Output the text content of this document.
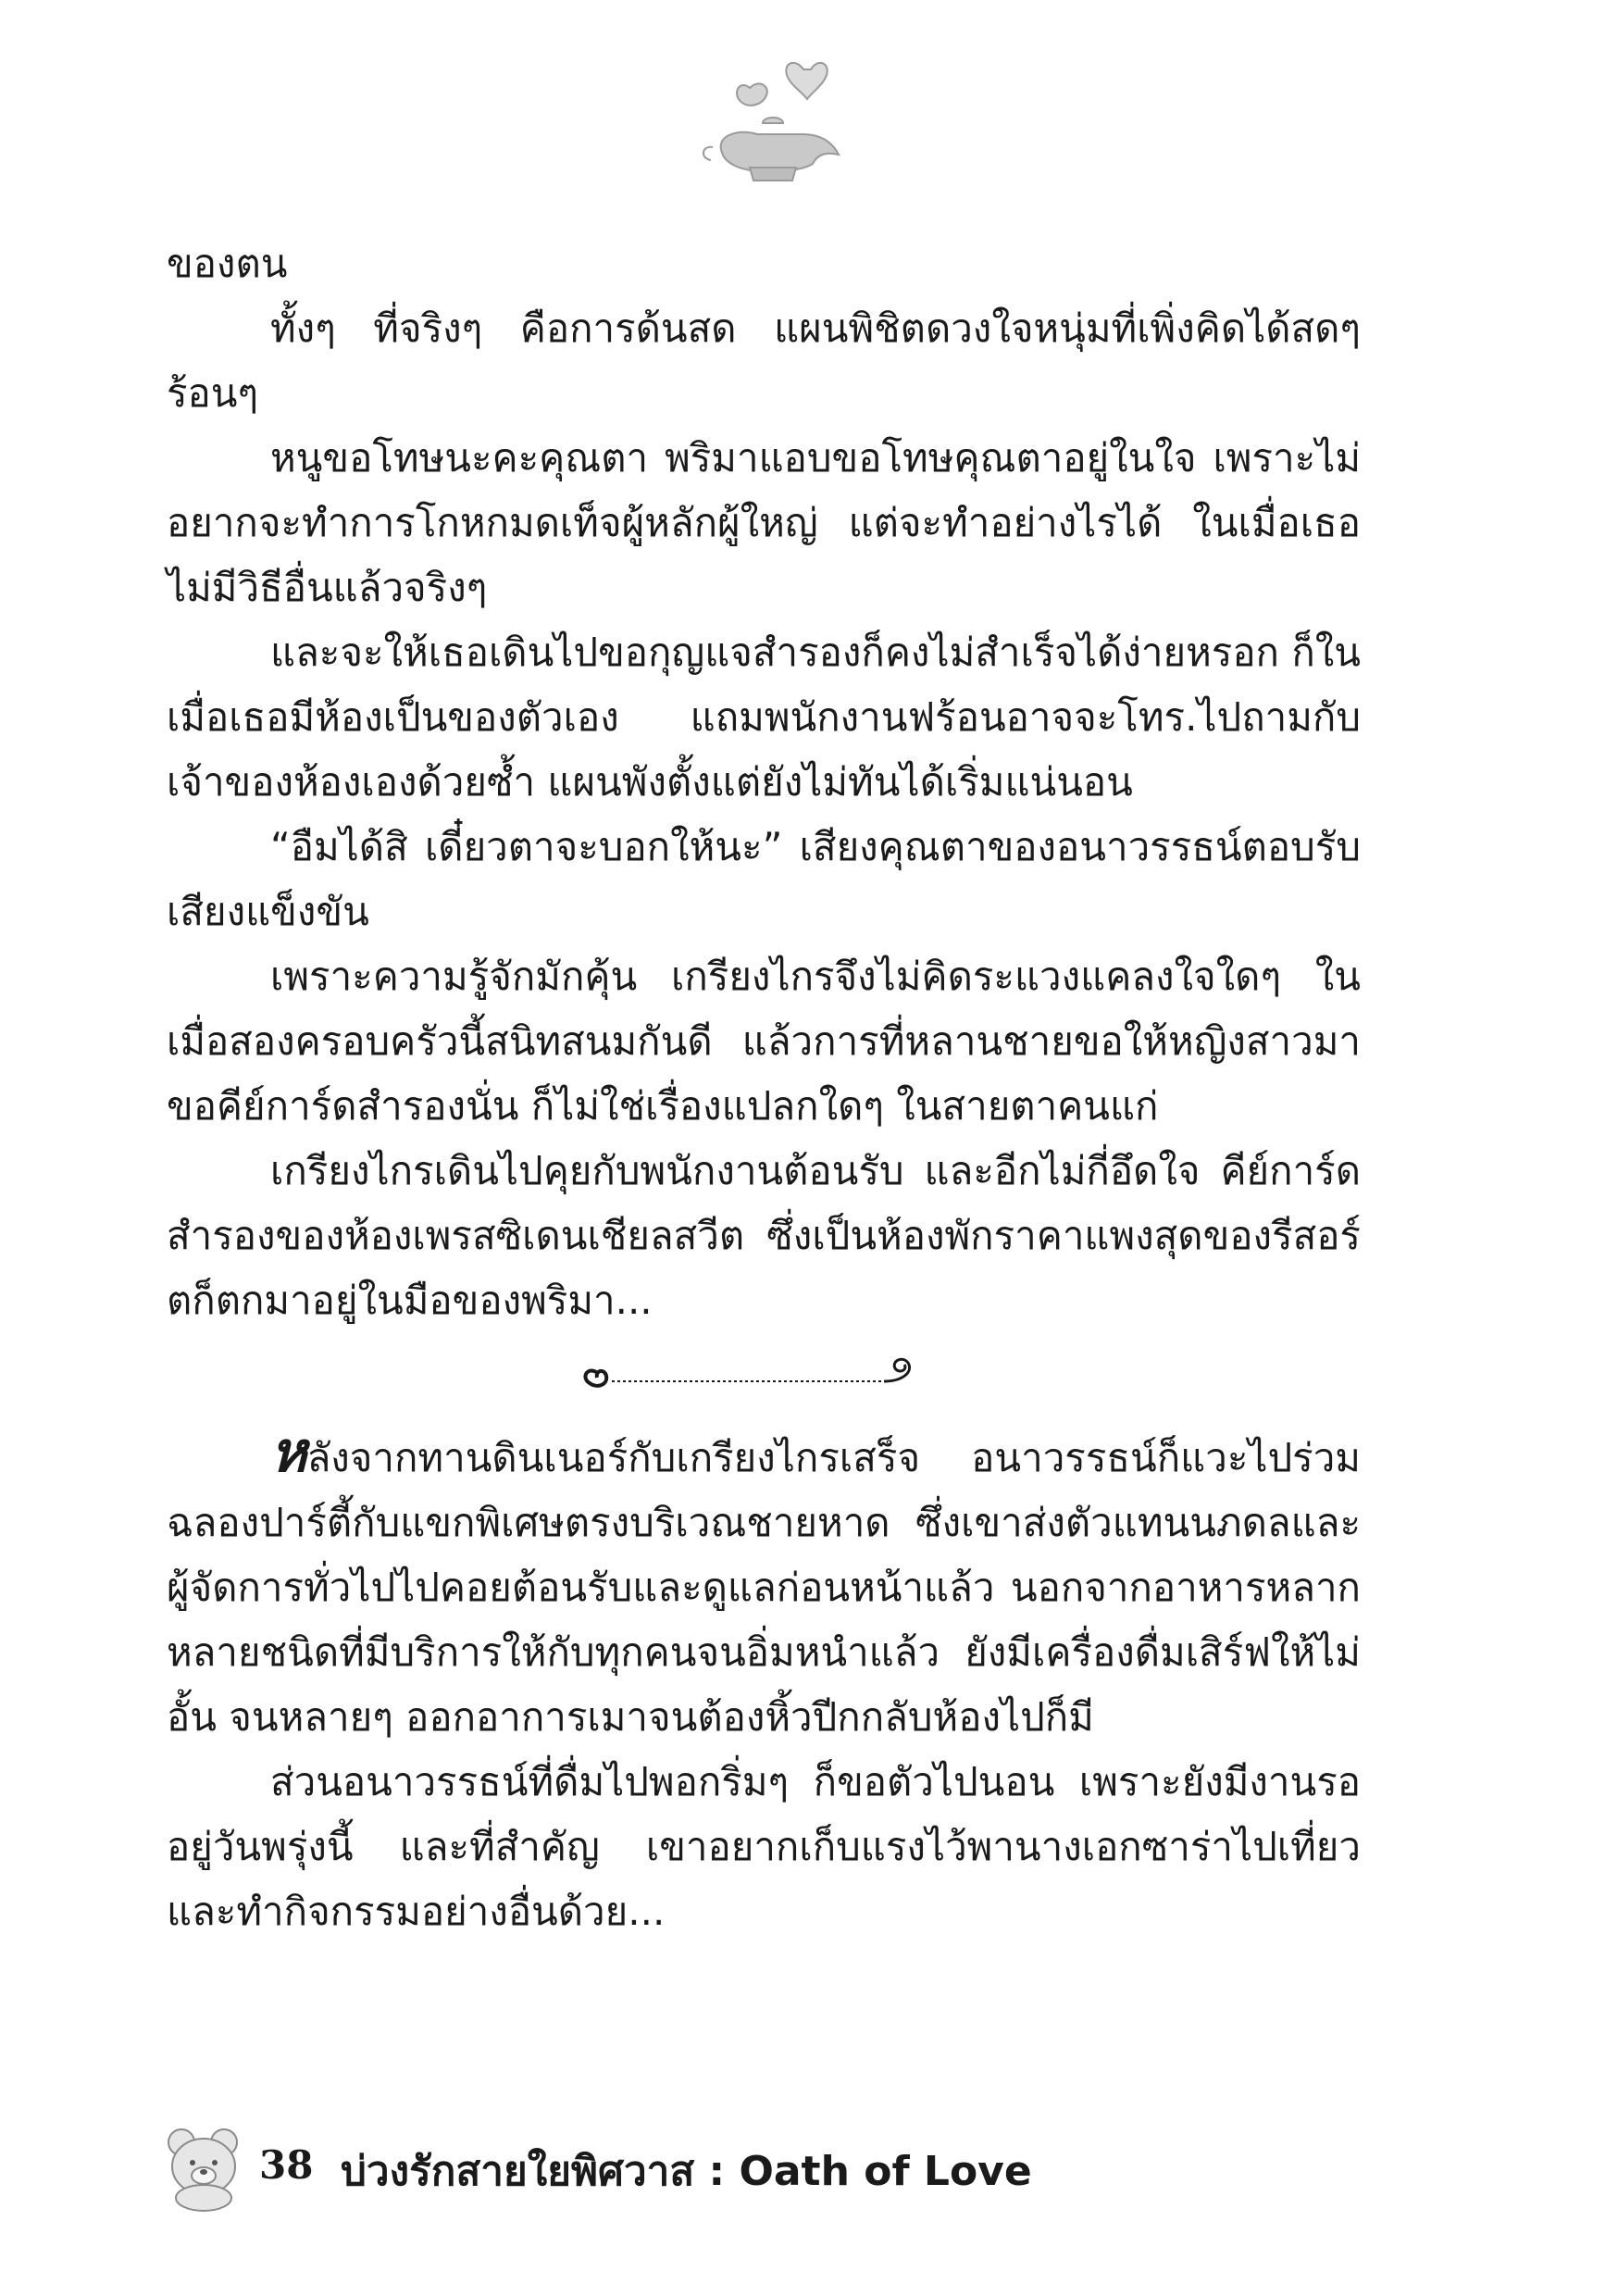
ของตน

ทั้งๆ ที่จริงๆ คือการด้นสด แผนพิชิตดวงใจหนุ่มที่เพิ่งคิดได้สดๆ ร้อนๆ

หนูขอโทษนะคะคุณตา พริมาแอบขอโทษคุณตาอยู่ในใจ เพราะไม่อยากจะทำการโกหกมดเท็จผู้หลักผู้ใหญ่ แต่จะทำอย่างไรได้ ในเมื่อเธอไม่มีวิธีอื่นแล้วจริงๆ

และจะให้เธอเดินไปขอกุญแจสำรองก็คงไม่สำเร็จได้ง่ายหรอก ก็ในเมื่อเธอมีห้องเป็นของตัวเอง แถมพนักงานฟร้อนอาจจะโทร.ไปถามกับเจ้าของห้องเองด้วยซ้ำ แผนพังตั้งแต่ยังไม่ทันได้เริ่มแน่นอน

“อืมได้สิ เดี๋ยวตาจะบอกให้นะ” เสียงคุณตาของอนาวรรธน์ตอบรับเสียงแข็งขัน

เพราะความรู้จักมักคุ้น เกรียงไกรจึงไม่คิดระแวงแคลงใจใดๆ ในเมื่อสองครอบครัวนี้สนิทสนมกันดี แล้วการที่หลานชายขอให้หญิงสาวมาขอคีย์การ์ดสำรองนั่น ก็ไม่ใช่เรื่องแปลกใดๆ ในสายตาคนแก่

เกรียงไกรเดินไปคุยกับพนักงานต้อนรับ และอีกไม่กี่อึดใจ คีย์การ์ดสำรองของห้องเพรสซิเดนเชียลสวีต ซึ่งเป็นห้องพักราคาแพงสุดของรีสอร์ตก็ตกมาอยู่ในมือของพริมา...

หลังจากทานดินเนอร์กับเกรียงไกรเสร็จ อนาวรรธน์ก็แวะไปร่วมฉลองปาร์ตี้กับแขกพิเศษตรงบริเวณชายหาด ซึ่งเขาส่งตัวแทนนภดลและผู้จัดการทั่วไปไปคอยต้อนรับและดูแลก่อนหน้าแล้ว นอกจากอาหารหลากหลายชนิดที่มีบริการให้กับทุกคนจนอิ่มหนำแล้ว ยังมีเครื่องดื่มเสิร์ฟให้ไม่อั้น จนหลายๆ ออกอาการเมาจนต้องหิ้วปีกกลับห้องไปก็มี

ส่วนอนาวรรธน์ที่ดื่มไปพอกริ่มๆ ก็ขอตัวไปนอน เพราะยังมีงานรออยู่วันพรุ่งนี้ และที่สำคัญ เขาอยากเก็บแรงไว้พานางเอกซาร่าไปเที่ยวและทำกิจกรรมอย่างอื่นด้วย...

38 บ่วงรักสายใยพิศวาส : Oath of Love
